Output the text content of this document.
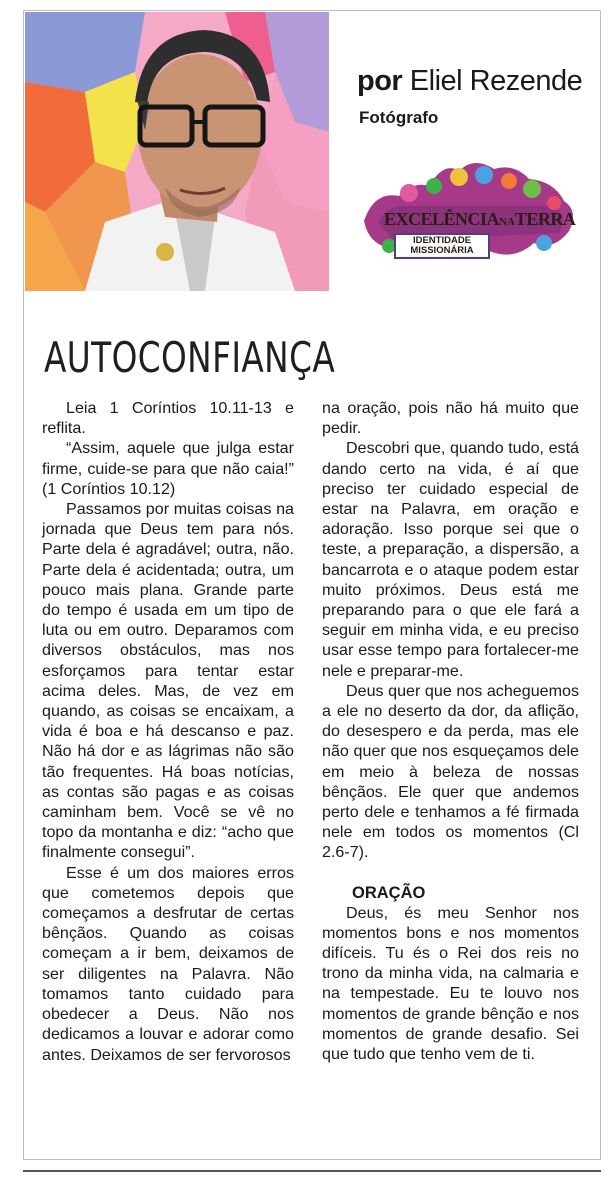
por Eliel Rezende
Fotógrafo
EXCELÊNCIANATERRA
IDENTIDADE
MISSIONÁRIA
AUTOCONFIANÇA

Leia 1 Coríntios 10.11-13 e reflita.

“Assim, aquele que julga estar firme, cuide-se para que não caia!” (1 Coríntios 10.12)

Passamos por muitas coisas na jornada que Deus tem para nós. Parte dela é agradável; outra, não. Parte dela é acidentada; outra, um pouco mais plana. Grande parte do tempo é usada em um tipo de luta ou em outro. Deparamos com diversos obstáculos, mas nos esforçamos para tentar estar acima deles. Mas, de vez em quando, as coisas se encaixam, a vida é boa e há descanso e paz. Não há dor e as lágrimas não são tão frequentes. Há boas notícias, as contas são pagas e as coisas caminham bem. Você se vê no topo da montanha e diz: “acho que finalmente consegui”.

Esse é um dos maiores erros que cometemos depois que começamos a desfrutar de certas bênçãos. Quando as coisas começam a ir bem, deixamos de ser diligentes na Palavra. Não tomamos tanto cuidado para obedecer a Deus. Não nos dedicamos a louvar e adorar como antes. Deixamos de ser fervorosos

na oração, pois não há muito que pedir.

Descobri que, quando tudo, está dando certo na vida, é aí que preciso ter cuidado especial de estar na Palavra, em oração e adoração. Isso porque sei que o teste, a preparação, a dispersão, a bancarrota e o ataque podem estar muito próximos. Deus está me preparando para o que ele fará a seguir em minha vida, e eu preciso usar esse tempo para fortalecer-me nele e preparar-me.

Deus quer que nos acheguemos a ele no deserto da dor, da aflição, do desespero e da perda, mas ele não quer que nos esqueçamos dele em meio à beleza de nossas bênçãos. Ele quer que andemos perto dele e tenhamos a fé firmada nele em todos os momentos (Cl 2.6-7).

ORAÇÃO

Deus, és meu Senhor nos momentos bons e nos momentos difíceis. Tu és o Rei dos reis no trono da minha vida, na calmaria e na tempestade. Eu te louvo nos momentos de grande bênção e nos momentos de grande desafio. Sei que tudo que tenho vem de ti.
